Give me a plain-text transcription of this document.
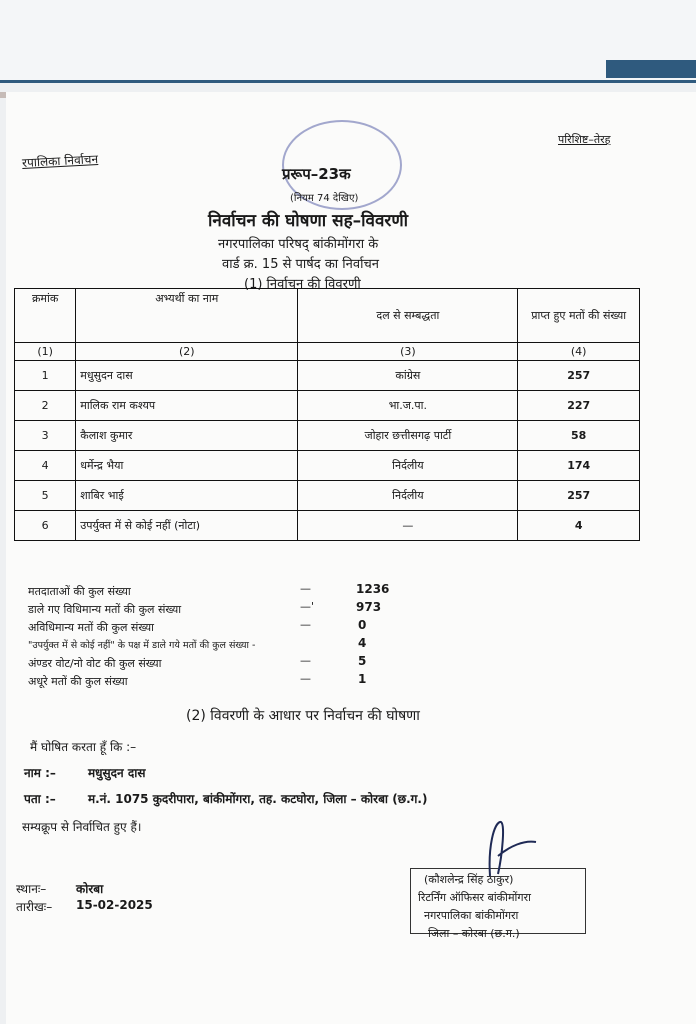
परिशिष्ट–तेरह
रपालिका निर्वाचन
प्ररूप–23क
(नियम 74 देखिए)
निर्वाचन की घोषणा सह–विवरणी
नगरपालिका परिषद् बांकीमोंगरा के
वार्ड क्र. 15 से पार्षद का निर्वाचन
(1) निर्वाचन की विवरणी
क्रमांक	अभ्यर्थी का नाम	दल से सम्बद्धता	प्राप्त हुए मतों की संख्या
(1)	(2)	(3)	(4)
1	मधुसुदन दास	कांग्रेस	257
2	मालिक राम कश्यप	भा.ज.पा.	227
3	कैलाश कुमार	जोहार छत्तीसगढ़ पार्टी	58
4	धर्मेन्द्र भैया	निर्दलीय	174
5	शाबिर भाई	निर्दलीय	257
6	उपर्युक्त में से कोई नहीं (नोटा)	—	4
मतदाताओं की कुल संख्या	—	1236
डाले गए विधिमान्य मतों की कुल संख्या	—'	973
अविधिमान्य मतों की कुल संख्या	—	0
"उपर्युक्त में से कोई नहीं" के पक्ष में डाले गये मतों की कुल संख्या -	4
अंण्डर वोट/नो वोट की कुल संख्या	—	5
अधूरे मतों की कुल संख्या	—	1
(2) विवरणी के आधार पर निर्वाचन की घोषणा
मैं घोषित करता हूँ कि :–
नाम :–	मधुसुदन दास
पता :–	म.नं. 1075 कुदरीपारा, बांकीमोंगरा, तह. कटघोरा, जिला – कोरबा (छ.ग.)
सम्यक्रूप से निर्वाचित हुए हैं।
स्थानः– कोरबा
तारीखः– 15-02-2025
(कौशलेन्द्र सिंह ठाकुर)
रिटर्निंग ऑफिसर बांकीमोंगरा
नगरपालिका बांकीमोंगरा
जिला – कोरबा (छ.ग.)
